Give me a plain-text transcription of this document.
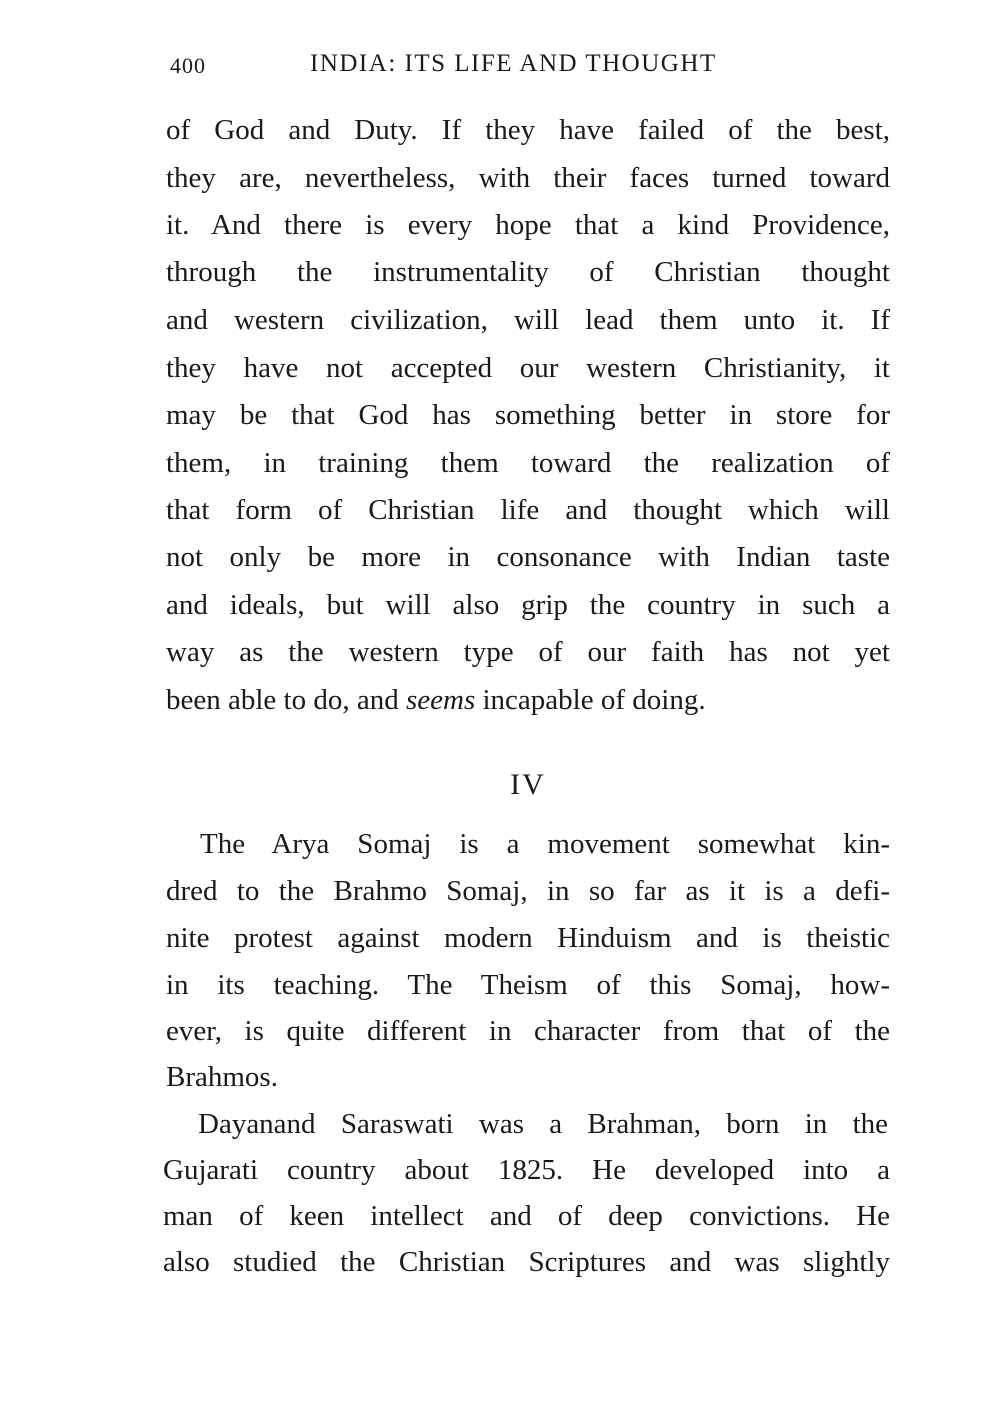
400	INDIA: ITS LIFE AND THOUGHT
of God and Duty. If they have failed of the best,
they are, nevertheless, with their faces turned toward
it. And there is every hope that a kind Providence,
through the instrumentality of Christian thought
and western civilization, will lead them unto it. If
they have not accepted our western Christianity, it
may be that God has something better in store for
them, in training them toward the realization of
that form of Christian life and thought which will
not only be more in consonance with Indian taste
and ideals, but will also grip the country in such a
way as the western type of our faith has not yet
been able to do, and seems incapable of doing.
IV
The Arya Somaj is a movement somewhat kin-
dred to the Brahmo Somaj, in so far as it is a defi-
nite protest against modern Hinduism and is theistic
in its teaching. The Theism of this Somaj, how-
ever, is quite different in character from that of the
Brahmos.
Dayanand Saraswati was a Brahman, born in the
Gujarati country about 1825. He developed into a
man of keen intellect and of deep convictions. He
also studied the Christian Scriptures and was slightly
